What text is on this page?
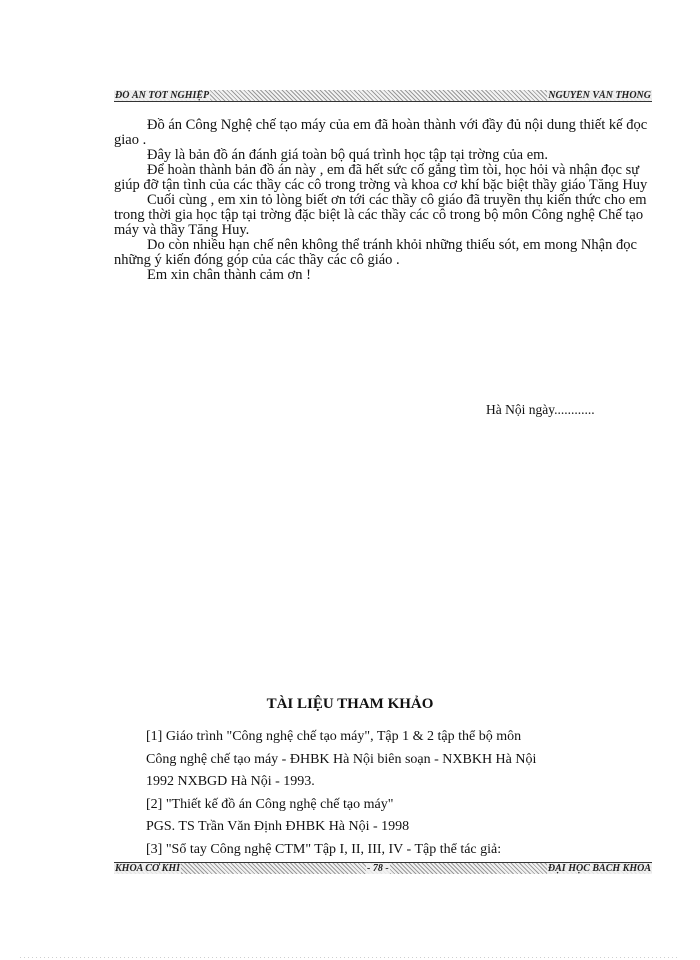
ĐỒ ÁN TỐT NGHIỆP	NGUYỄN VĂN THONG

Đồ án Công Nghệ chế tạo máy của em đã hoàn thành với đầy đủ nội dung thiết kế đọc giao .

Đây là bản đồ án đánh giá toàn bộ quá trình học tập tại trờng của em.

Để hoàn thành bản đồ án này , em đã hết sức cố gắng tìm tòi, học hỏi và nhận đọc sự giúp đỡ tận tình của các thầy các cô trong trờng và khoa cơ khí bặc biệt thầy giáo Tăng Huy

Cuối cùng , em xin tỏ lòng biết ơn tới các thầy cô giáo đã truyền thụ kiến thức cho em trong thời gia học tập tại trờng đặc biệt là các thầy các cô trong bộ môn Công nghệ Chế tạo máy và thầy Tăng Huy.

Do còn nhiều hạn chế nên không thể tránh khỏi những thiếu sót, em mong Nhận đọc những ý kiến đóng góp của các thầy các cô giáo .

Em xin chân thành cảm ơn !

Hà Nội ngày............
TÀI LIỆU THAM KHẢO

[1] Giáo trình "Công nghệ chế tạo máy", Tập 1 & 2 tập thể bộ môn

Công nghệ chế tạo máy - ĐHBK Hà Nội biên soạn - NXBKH Hà Nội

1992 NXBGD Hà Nội - 1993.

[2] "Thiết kế đồ án Công nghệ chế tạo máy"

PGS. TS Trần Văn Định ĐHBK Hà Nội - 1998

[3] "Sổ tay Công nghệ CTM" Tập I, II, III, IV - Tập thể tác giả:

KHOA CƠ KHÍ	- 78 -	ĐẠI HỌC BÁCH KHOA
